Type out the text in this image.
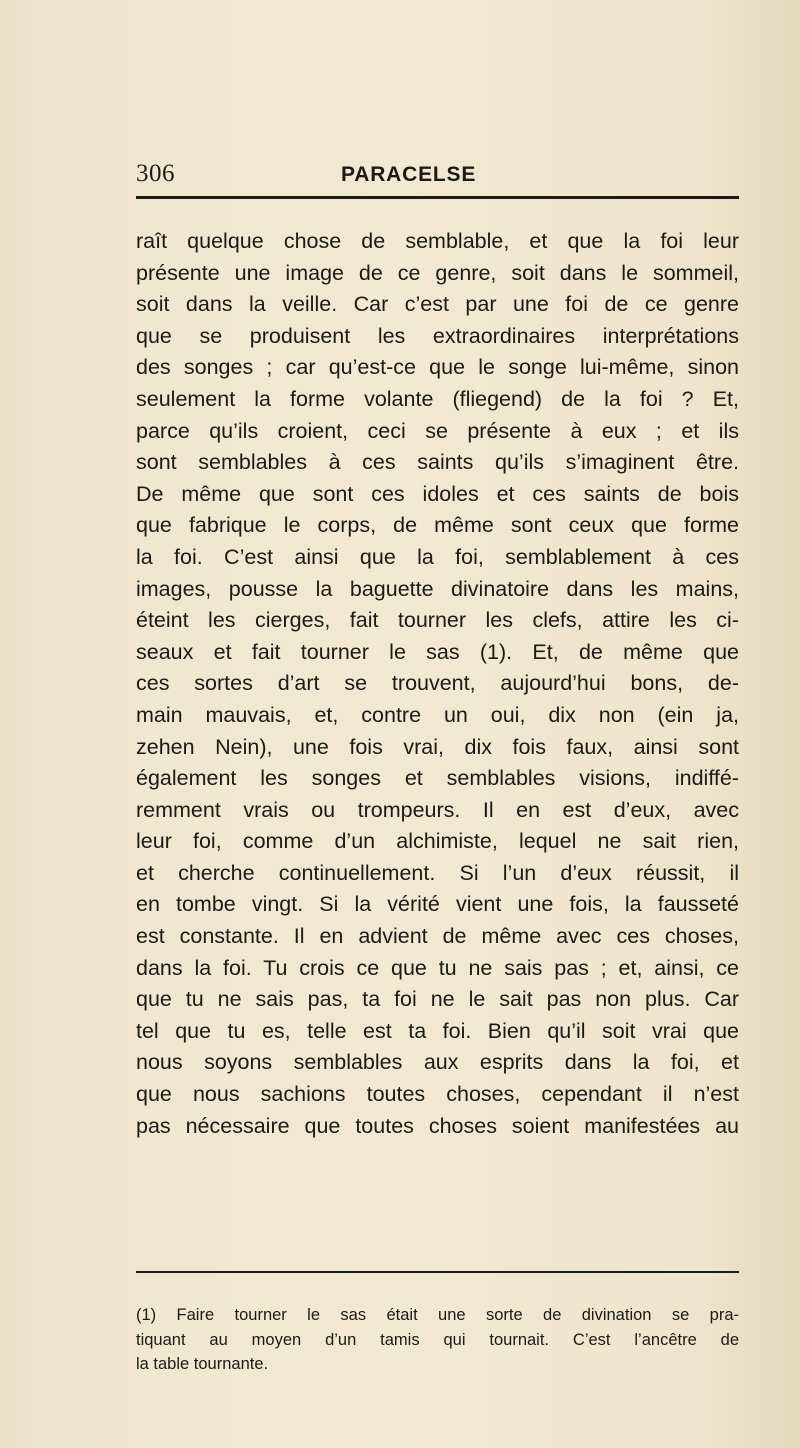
306	PARACELSE
raît quelque chose de semblable, et que la foi leur
présente une image de ce genre, soit dans le sommeil,
soit dans la veille. Car c’est par une foi de ce genre
que se produisent les extraordinaires interprétations
des songes ; car qu’est-ce que le songe lui-même, sinon
seulement la forme volante (fliegend) de la foi ? Et,
parce qu’ils croient, ceci se présente à eux ; et ils
sont semblables à ces saints qu’ils s’imaginent être.
De même que sont ces idoles et ces saints de bois
que fabrique le corps, de même sont ceux que forme
la foi. C’est ainsi que la foi, semblablement à ces
images, pousse la baguette divinatoire dans les mains,
éteint les cierges, fait tourner les clefs, attire les ci-
seaux et fait tourner le sas (1). Et, de même que
ces sortes d’art se trouvent, aujourd’hui bons, de-
main mauvais, et, contre un oui, dix non (ein ja,
zehen Nein), une fois vrai, dix fois faux, ainsi sont
également les songes et semblables visions, indiffé-
remment vrais ou trompeurs. Il en est d’eux, avec
leur foi, comme d’un alchimiste, lequel ne sait rien,
et cherche continuellement. Si l’un d’eux réussit, il
en tombe vingt. Si la vérité vient une fois, la fausseté
est constante. Il en advient de même avec ces choses,
dans la foi. Tu crois ce que tu ne sais pas ; et, ainsi, ce
que tu ne sais pas, ta foi ne le sait pas non plus. Car
tel que tu es, telle est ta foi. Bien qu’il soit vrai que
nous soyons semblables aux esprits dans la foi, et
que nous sachions toutes choses, cependant il n’est
pas nécessaire que toutes choses soient manifestées au
(1) Faire tourner le sas était une sorte de divination se pra-
tiquant au moyen d’un tamis qui tournait. C’est l’ancêtre de
la table tournante.
